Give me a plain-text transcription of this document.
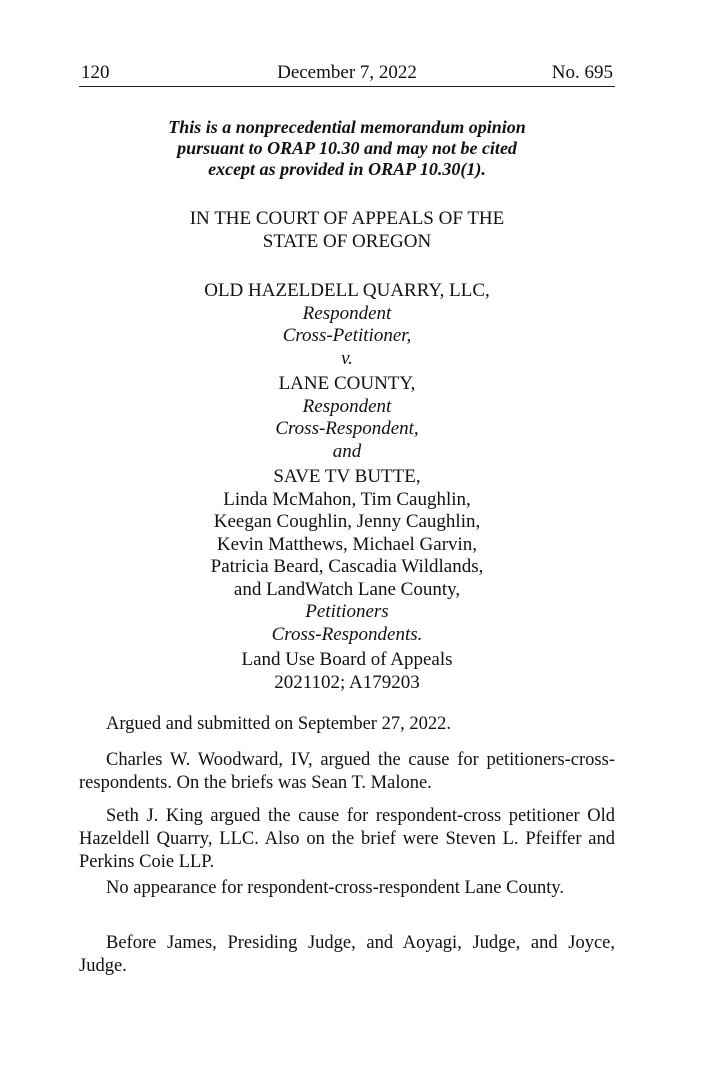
December 7, 2022
120	No. 695
This is a nonprecedential memorandum opinion
pursuant to ORAP 10.30 and may not be cited
except as provided in ORAP 10.30(1).
IN THE COURT OF APPEALS OF THE
STATE OF OREGON
OLD HAZELDELL QUARRY, LLC,
Respondent
Cross-Petitioner,
v.
LANE COUNTY,
Respondent
Cross-Respondent,
and
SAVE TV BUTTE,
Linda McMahon, Tim Caughlin,
Keegan Coughlin, Jenny Caughlin,
Kevin Matthews, Michael Garvin,
Patricia Beard, Cascadia Wildlands,
and LandWatch Lane County,
Petitioners
Cross-Respondents.
Land Use Board of Appeals
2021102; A179203
Argued and submitted on September 27, 2022.
Charles W. Woodward, IV, argued the cause for petitioners-cross-respondents. On the briefs was Sean T. Malone.
Seth J. King argued the cause for respondent-cross petitioner Old Hazeldell Quarry, LLC. Also on the brief were Steven L. Pfeiffer and Perkins Coie LLP.
No appearance for respondent-cross-respondent Lane County.
Before James, Presiding Judge, and Aoyagi, Judge, and Joyce, Judge.
